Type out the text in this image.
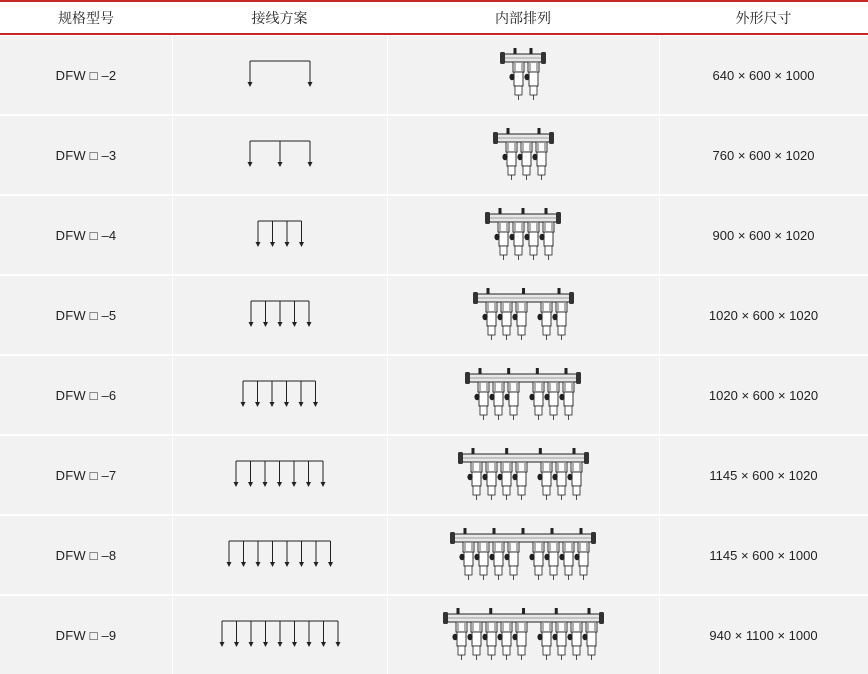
规格型号	接线方案	内部排列	外形尺寸
DFW □ –2	640 × 600 × 1000
DFW □ –3	760 × 600 × 1020
DFW □ –4	900 × 600 × 1020
DFW □ –5	1020 × 600 × 1020
DFW □ –6	1020 × 600 × 1020
DFW □ –7	1145 × 600 × 1020
DFW □ –8	1145 × 600 × 1000
DFW □ –9	940 × 1100 × 1000
